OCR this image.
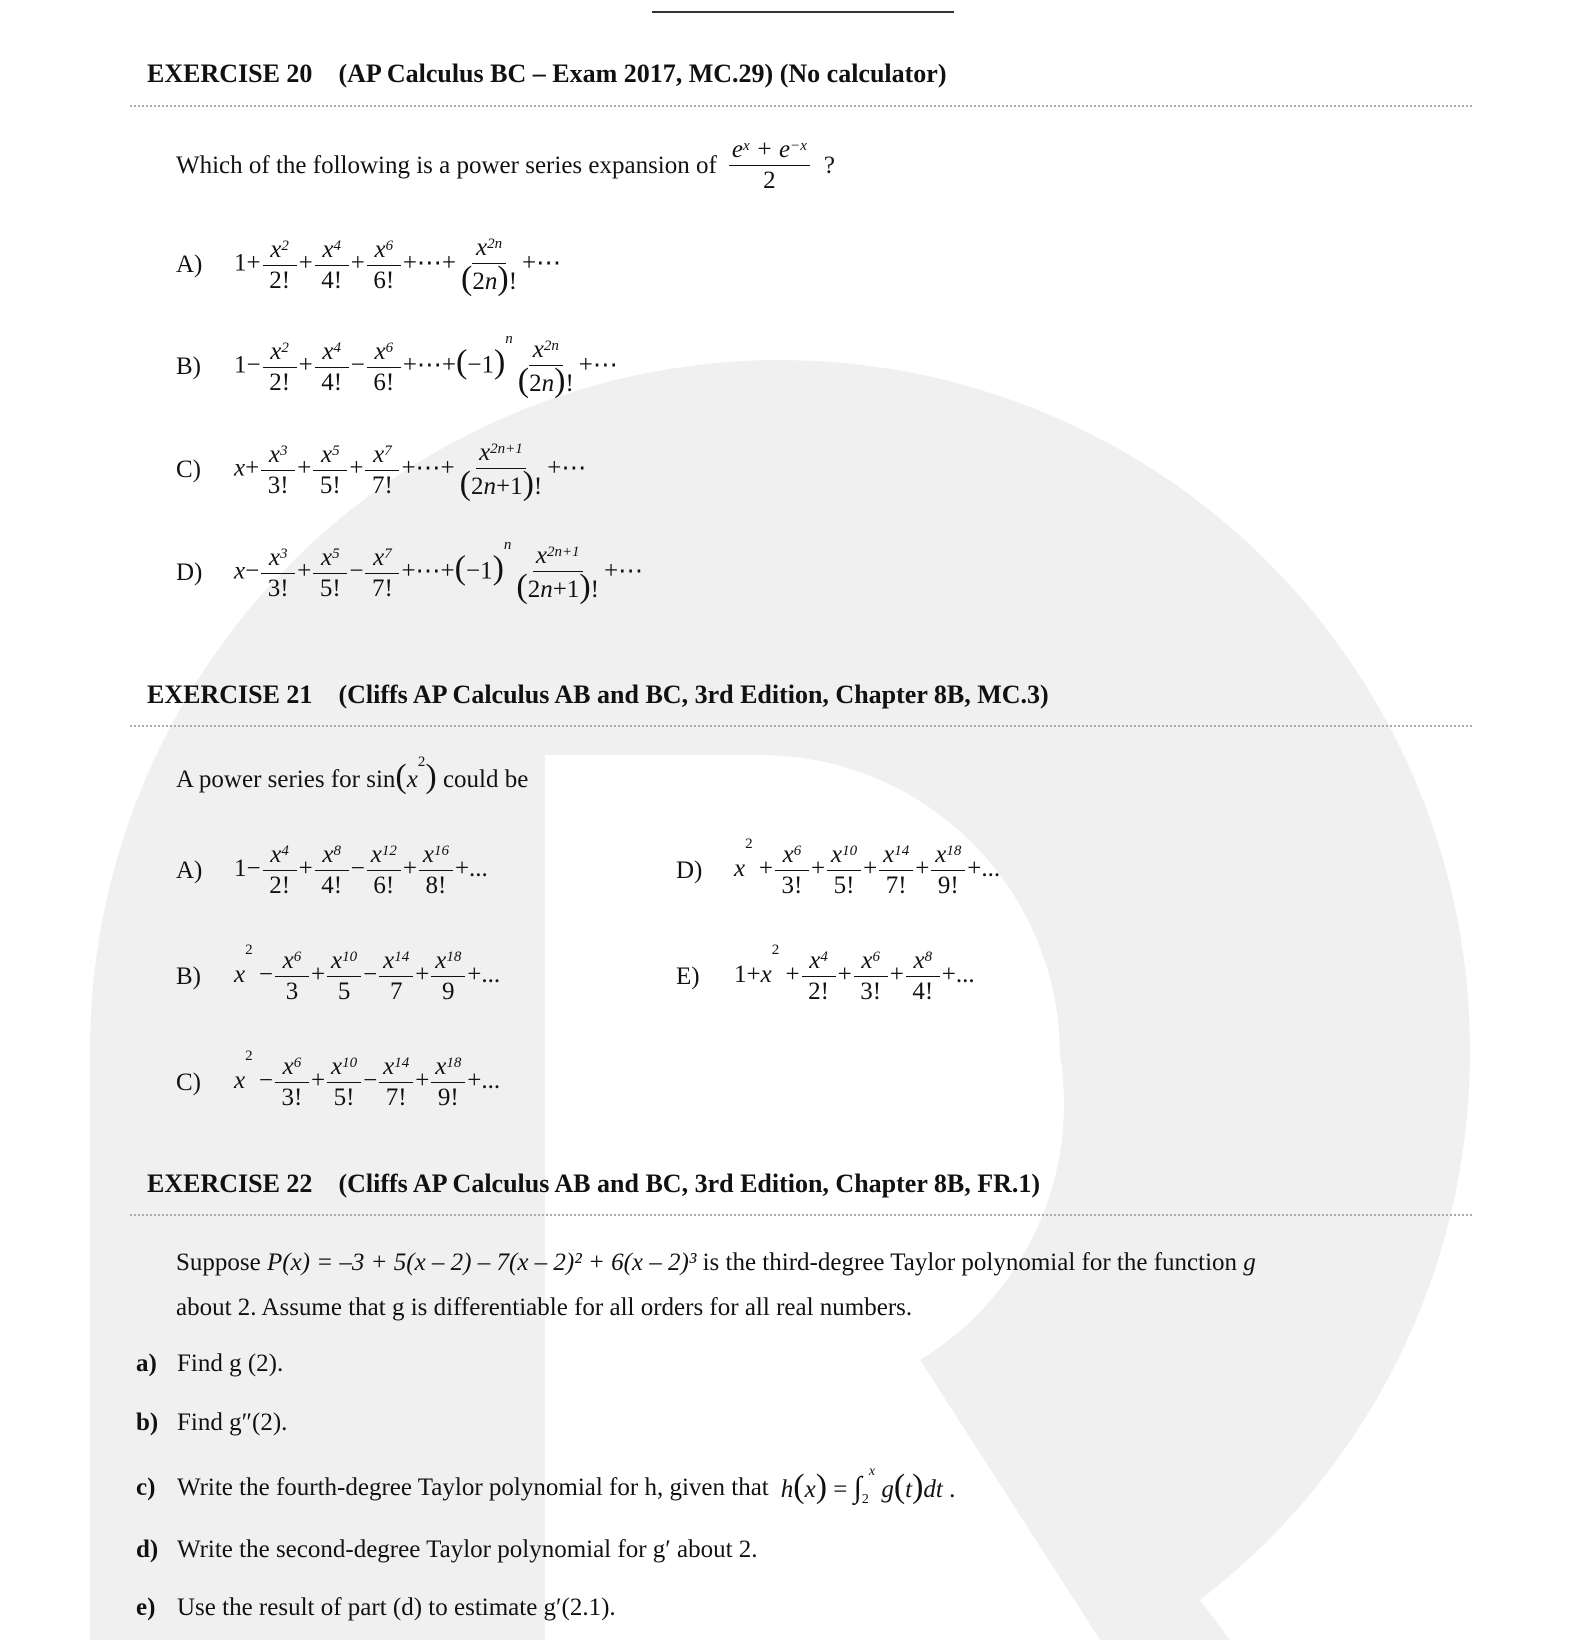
EXERCISE 20 (AP Calculus BC – Exam 2017, MC.29) (No calculator)
Which of the following is a power series expansion of $\frac{e^x + e^{-x}}{2}$ ?
A)	$1+ \frac{x^2}{2!} + \frac{x^4}{4!} + \frac{x^6}{6!}$ +⋯+ $\frac{x^{2n}}{(2n)!}$ +⋯
B)	$1- \frac{x^2}{2!} + \frac{x^4}{4!} - \frac{x^6}{6!}$ $+\cdots+(-1)^n \frac{x^{2n}}{(2n)!}$ +⋯
C)	$x+ \frac{x^3}{3!} + \frac{x^5}{5!} + \frac{x^7}{7!}$ +⋯+ $\frac{x^{2n+1}}{(2n+1)!}$ +⋯
D)	$x- \frac{x^3}{3!} + \frac{x^5}{5!} - \frac{x^7}{7!}$ $+\cdots+(-1)^n \frac{x^{2n+1}}{(2n+1)!}$ +⋯
EXERCISE 21 (Cliffs AP Calculus AB and BC, 3rd Edition, Chapter 8B, MC.3)
A power series for $\sin(x^2)$ could be
A)	$1- \frac{x^4}{2!} + \frac{x^8}{4!} - \frac{x^{12}}{6!} + \frac{x^{16}}{8!}$ +...
B)	$x^2 - \frac{x^6}{3} + \frac{x^{10}}{5} - \frac{x^{14}}{7} + \frac{x^{18}}{9}$ +...
C)	$x^2 - \frac{x^6}{3!} + \frac{x^{10}}{5!} - \frac{x^{14}}{7!} + \frac{x^{18}}{9!}$ +...
D)	$x^2 + \frac{x^6}{3!} + \frac{x^{10}}{5!} + \frac{x^{14}}{7!} + \frac{x^{18}}{9!}$ +...
E)	$1+x^2 + \frac{x^4}{2!} + \frac{x^6}{3!} + \frac{x^8}{4!}$ +...
EXERCISE 22 (Cliffs AP Calculus AB and BC, 3rd Edition, Chapter 8B, FR.1)
Suppose P(x) = –3 + 5(x – 2) – 7(x – 2)² + 6(x – 2)³ is the third-degree Taylor polynomial for the function g
about 2. Assume that g is differentiable for all orders for all real numbers.
a) Find g (2).
b) Find g″(2).
c) Write the fourth-degree Taylor polynomial for h, given that $h(x) = \int_2^x$ g(t)dt .
d) Write the second-degree Taylor polynomial for g′ about 2.
e) Use the result of part (d) to estimate g′(2.1).
